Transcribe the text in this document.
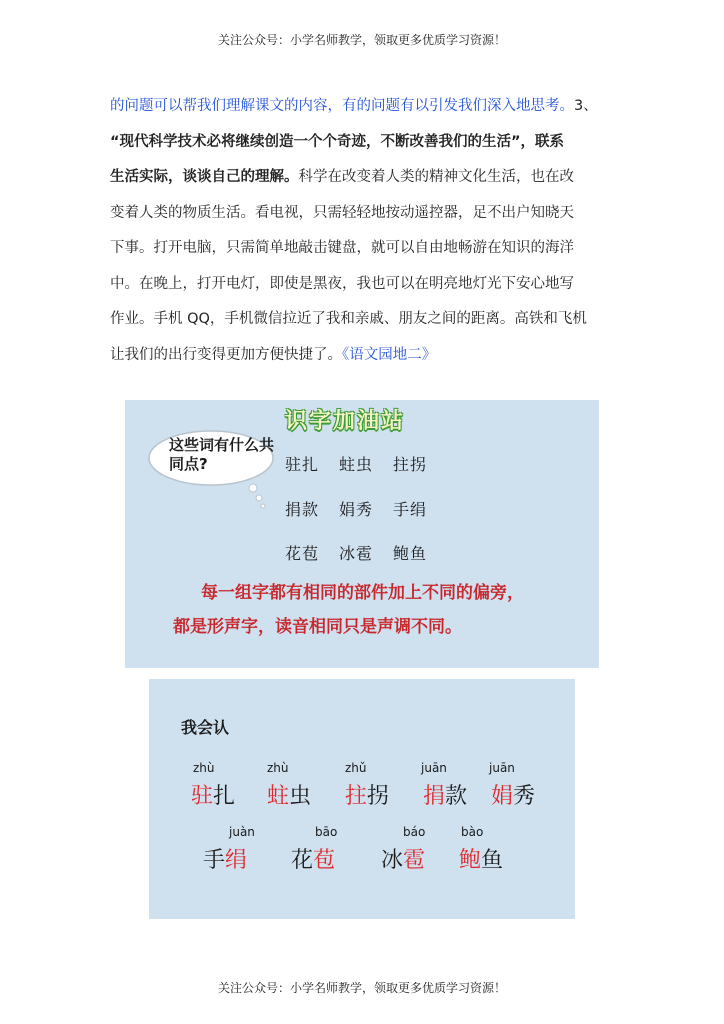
关注公众号：小学名师教学，领取更多优质学习资源！
的问题可以帮我们理解课文的内容，有的问题有以引发我们深入地思考。3、
“现代科学技术必将继续创造一个个奇迹，不断改善我们的生活”，联系
生活实际，谈谈自己的理解。科学在改变着人类的精神文化生活，也在改
变着人类的物质生活。看电视，只需轻轻地按动遥控器，足不出户知晓天
下事。打开电脑，只需简单地敲击键盘，就可以自由地畅游在知识的海洋
中。在晚上，打开电灯，即使是黑夜，我也可以在明亮地灯光下安心地写
作业。手机 QQ，手机微信拉近了我和亲戚、朋友之间的距离。高铁和飞机
让我们的出行变得更加方便快捷了。《语文园地二》
识字加油站
这些词有什么共同点?	驻扎 蛀虫 拄拐
捐款 娟秀 手绢
花苞 冰雹 鲍鱼
每一组字都有相同的部件加上不同的偏旁，
都是形声字，读音相同只是声调不同。
我会认
zhù
驻扎
zhù
蛀虫
zhǔ
拄拐
juān
捐款
juān
娟秀
juàn
手绢
bāo
花苞
báo
冰雹
bào
鲍鱼
关注公众号：小学名师教学，领取更多优质学习资源！
